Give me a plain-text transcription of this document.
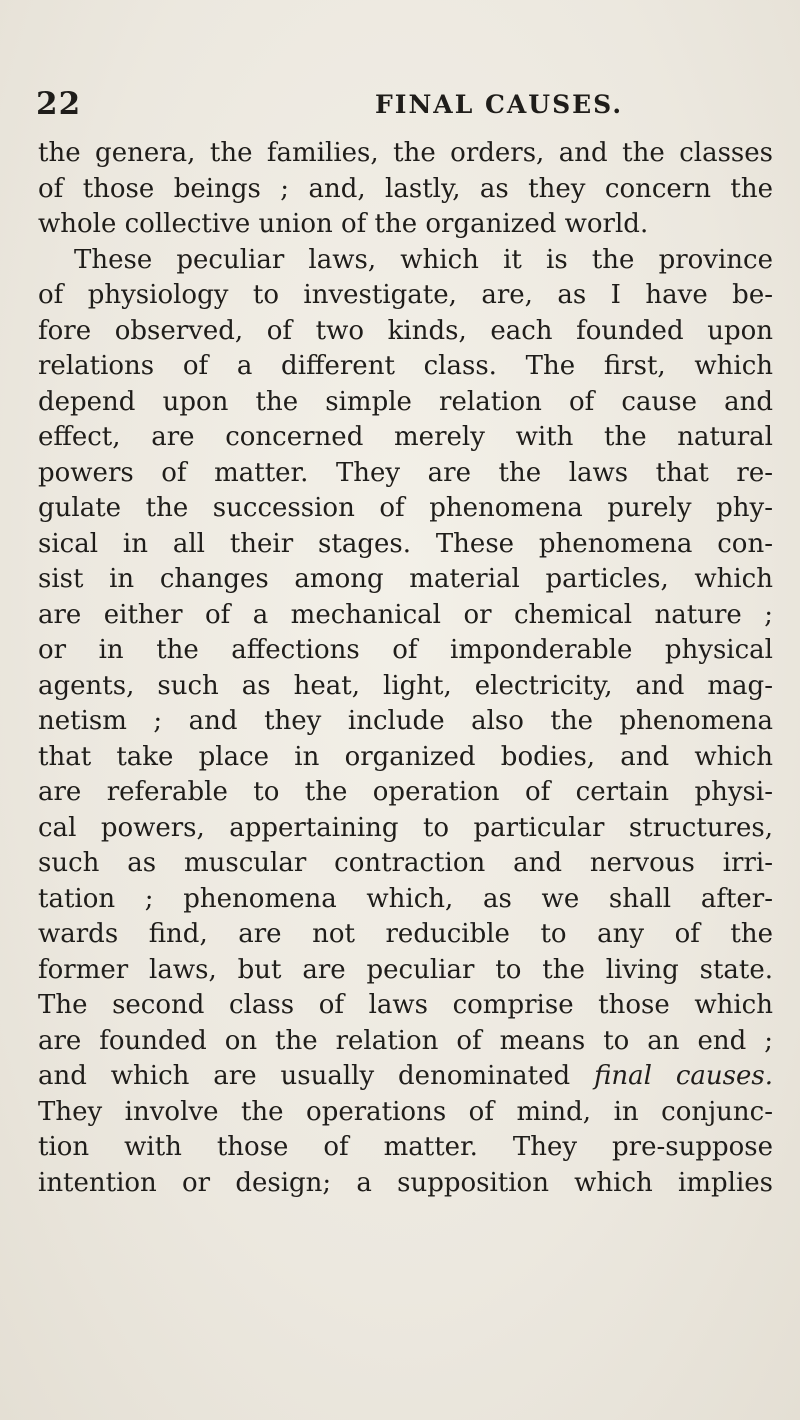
22	FINAL CAUSES.
the genera, the families, the orders, and the classes
of those beings ; and, lastly, as they concern the
whole collective union of the organized world.
These peculiar laws, which it is the province
of physiology to investigate, are, as I have be-
fore observed, of two kinds, each founded upon
relations of a different class. The first, which
depend upon the simple relation of cause and
effect, are concerned merely with the natural
powers of matter. They are the laws that re-
gulate the succession of phenomena purely phy-
sical in all their stages. These phenomena con-
sist in changes among material particles, which
are either of a mechanical or chemical nature ;
or in the affections of imponderable physical
agents, such as heat, light, electricity, and mag-
netism ; and they include also the phenomena
that take place in organized bodies, and which
are referable to the operation of certain physi-
cal powers, appertaining to particular structures,
such as muscular contraction and nervous irri-
tation ; phenomena which, as we shall after-
wards find, are not reducible to any of the
former laws, but are peculiar to the living state.
The second class of laws comprise those which
are founded on the relation of means to an end ;
and which are usually denominated final causes.
They involve the operations of mind, in conjunc-
tion with those of matter. They pre-suppose
intention or design; a supposition which implies
